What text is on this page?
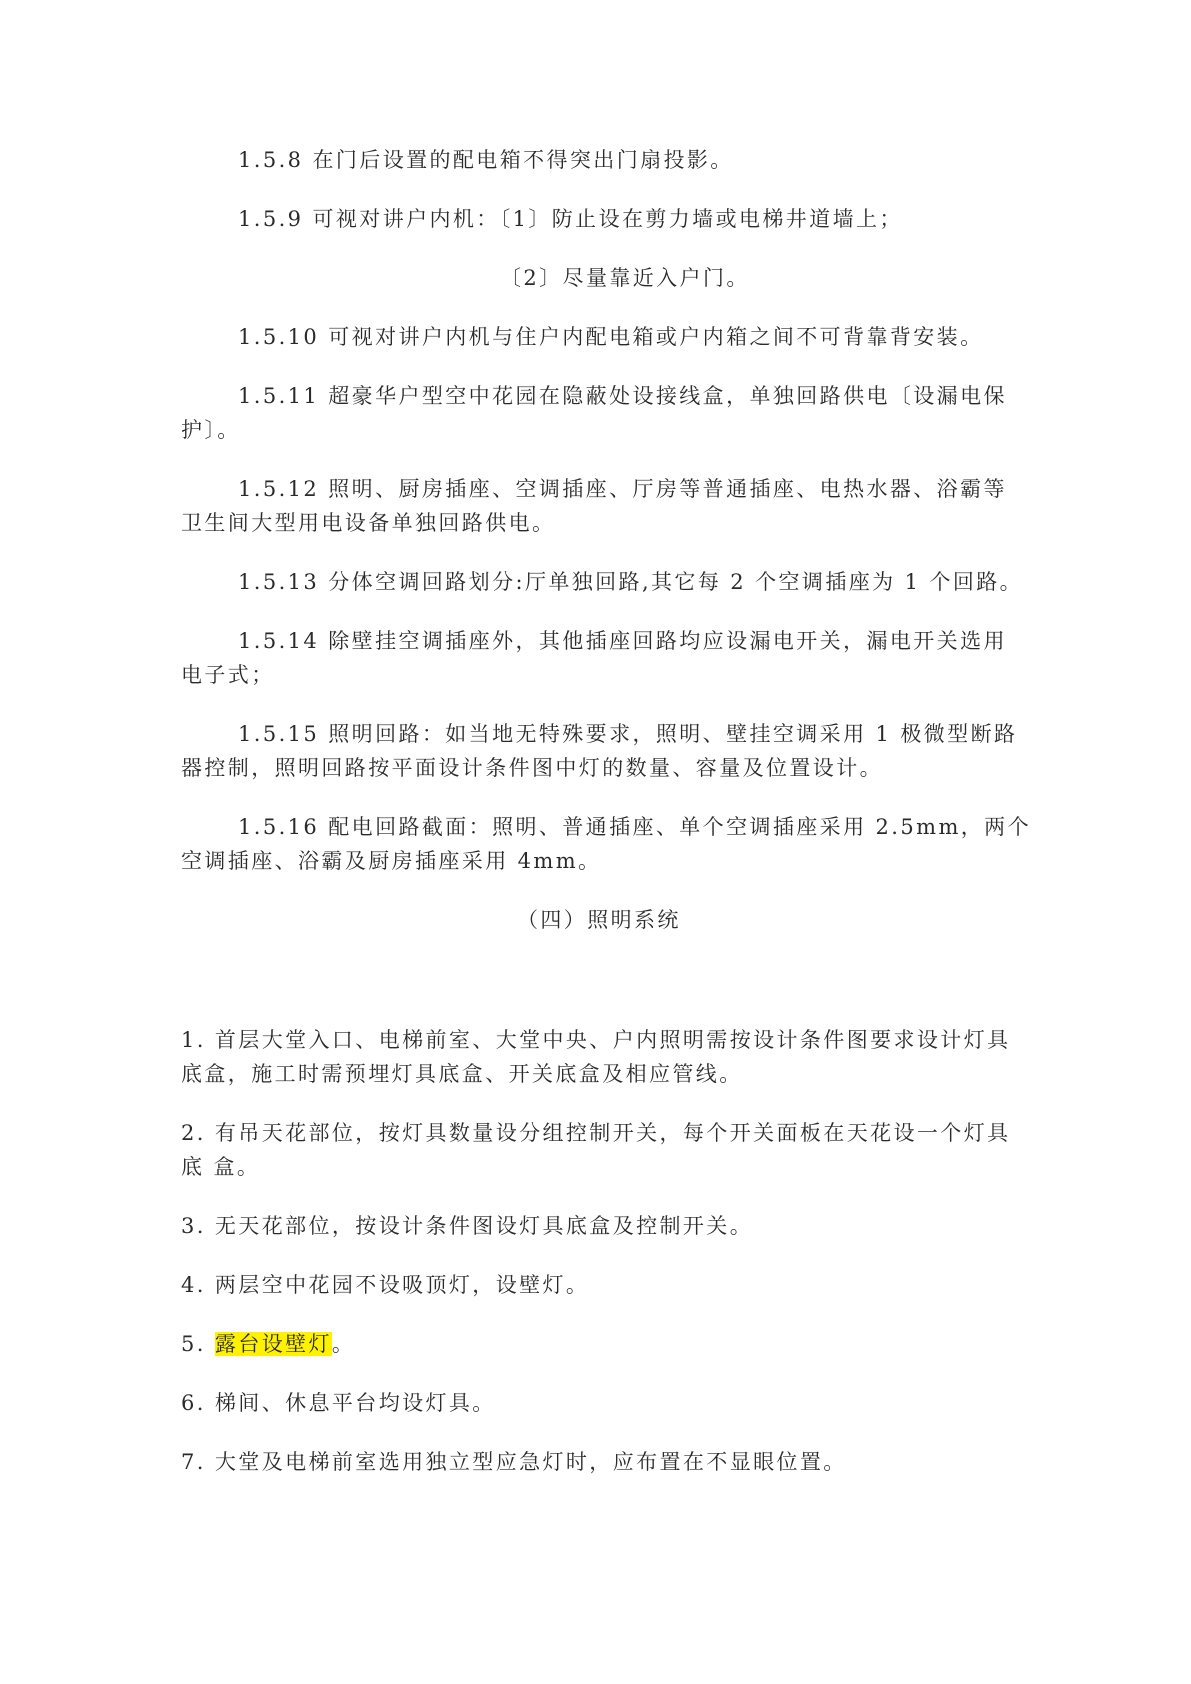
1.5.8 在门后设置的配电箱不得突出门扇投影。
1.5.9 可视对讲户内机：〔1〕防止设在剪力墙或电梯井道墙上；
〔2〕尽量靠近入户门。
1.5.10 可视对讲户内机与住户内配电箱或户内箱之间不可背靠背安装。
1.5.11 超豪华户型空中花园在隐蔽处设接线盒，单独回路供电〔设漏电保
护〕。
1.5.12 照明、厨房插座、空调插座、厅房等普通插座、电热水器、浴霸等
卫生间大型用电设备单独回路供电。
1.5.13 分体空调回路划分:厅单独回路,其它每 2 个空调插座为 1 个回路。
1.5.14 除壁挂空调插座外，其他插座回路均应设漏电开关，漏电开关选用
电子式；
1.5.15 照明回路：如当地无特殊要求，照明、壁挂空调采用 1 极微型断路
器控制，照明回路按平面设计条件图中灯的数量、容量及位置设计。
1.5.16 配电回路截面：照明、普通插座、单个空调插座采用 2.5mm，两个
空调插座、浴霸及厨房插座采用 4mm。
（四）照明系统
1. 首层大堂入口、电梯前室、大堂中央、户内照明需按设计条件图要求设计灯具
底盒，施工时需预埋灯具底盒、开关底盒及相应管线。
2. 有吊天花部位，按灯具数量设分组控制开关，每个开关面板在天花设一个灯具
底 盒。
3. 无天花部位，按设计条件图设灯具底盒及控制开关。
4. 两层空中花园不设吸顶灯，设壁灯。
5. 露台设壁灯。
6. 梯间、休息平台均设灯具。
7. 大堂及电梯前室选用独立型应急灯时，应布置在不显眼位置。
